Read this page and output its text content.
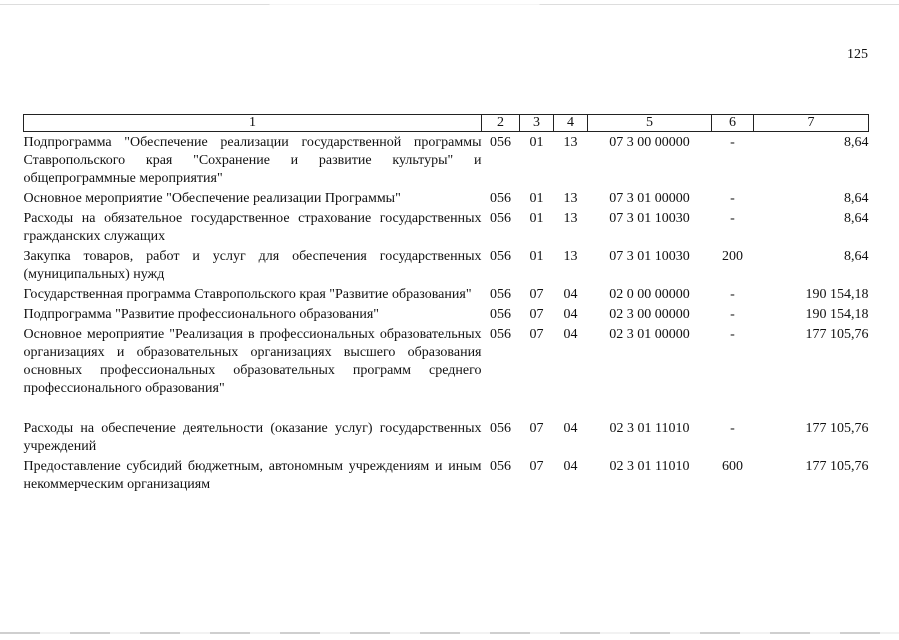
125
1	2	3	4	5	6	7
Подпрограмма "Обеспечение реализации государственной программы Ставропольского края "Сохранение и развитие культуры" и общепрограммные мероприятия"	056	01	13	07 3 00 00000	-	8,64
Основное мероприятие "Обеспечение реализации Программы"	056	01	13	07 3 01 00000	-	8,64
Расходы на обязательное государственное страхование государственных гражданских служащих	056	01	13	07 3 01 10030	-	8,64
Закупка товаров, работ и услуг для обеспечения государственных (муниципальных) нужд	056	01	13	07 3 01 10030	200	8,64
Государственная программа Ставропольского края "Развитие образования"	056	07	04	02 0 00 00000	-	190 154,18
Подпрограмма "Развитие профессионального образования"	056	07	04	02 3 00 00000	-	190 154,18
Основное мероприятие "Реализация в профессиональных образовательных организациях и образовательных организациях высшего образования основных профессиональных образовательных программ среднего профессионального образования"	056	07	04	02 3 01 00000	-	177 105,76
Расходы на обеспечение деятельности (оказание услуг) государственных учреждений	056	07	04	02 3 01 11010	-	177 105,76
Предоставление субсидий бюджетным, автономным учреждениям и иным некоммерческим организациям	056	07	04	02 3 01 11010	600	177 105,76
